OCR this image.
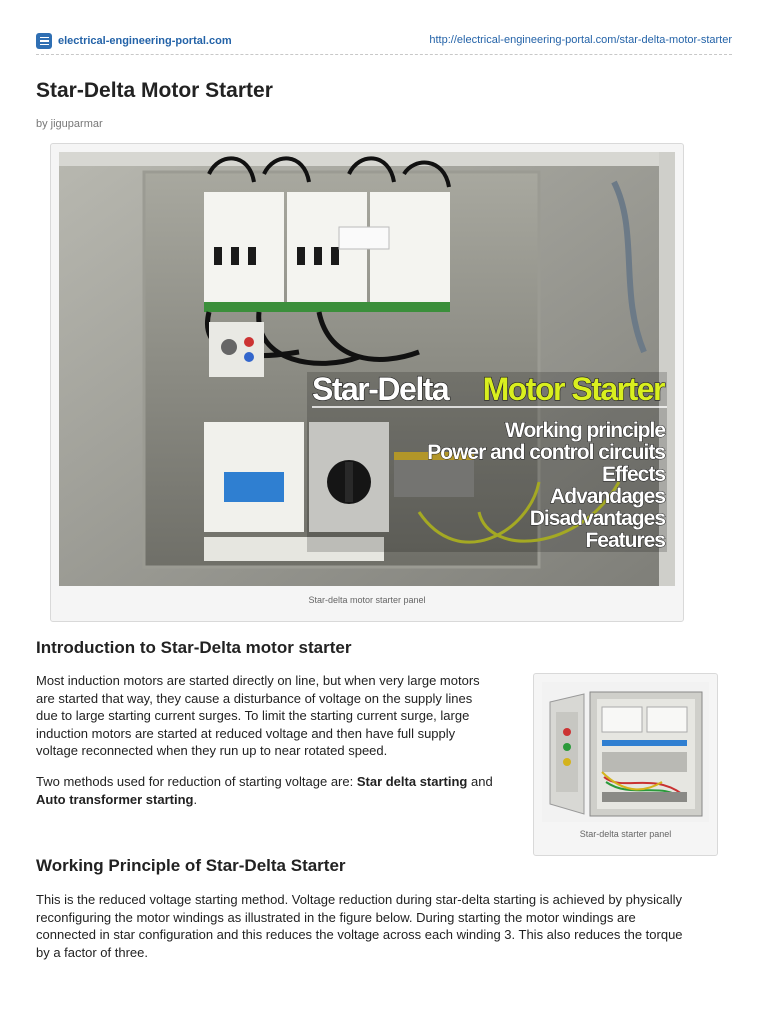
electrical-engineering-portal.com	http://electrical-engineering-portal.com/star-delta-motor-starter
Star-Delta Motor Starter
by jiguparmar
Star-Delta Motor Starter
Working principle
Power and control circuits
Effects
Advandages
Disadvantages
Features
Star-delta motor starter panel
Introduction to Star-Delta motor starter

Most induction motors are started directly on line, but when very large motors
are started that way, they cause a disturbance of voltage on the supply lines
due to large starting current surges. To limit the starting current surge, large
induction motors are started at reduced voltage and then have full supply
voltage reconnected when they run up to near rotated speed.

Two methods used for reduction of starting voltage are: Star delta starting and
Auto transformer starting.

Star-delta starter panel
Working Principle of Star-Delta Starter

This is the reduced voltage starting method. Voltage reduction during star-delta starting is achieved by physically
reconfiguring the motor windings as illustrated in the figure below. During starting the motor windings are
connected in star configuration and this reduces the voltage across each winding 3. This also reduces the torque
by a factor of three.
